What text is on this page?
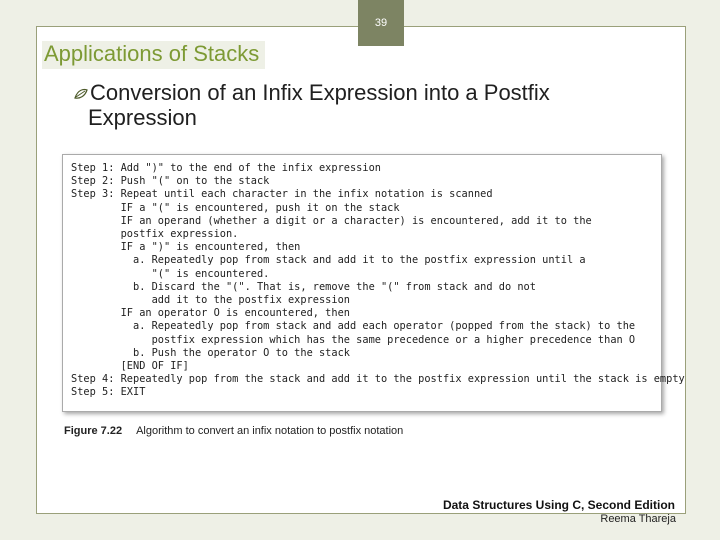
39
Applications of Stacks
Conversion of an Infix Expression into a Postfix
Expression
Step 1: Add ")" to the end of the infix expression
Step 2: Push "(" on to the stack
Step 3: Repeat until each character in the infix notation is scanned
IF a "(" is encountered, push it on the stack
IF an operand (whether a digit or a character) is encountered, add it to the
postfix expression.
IF a ")" is encountered, then
a. Repeatedly pop from stack and add it to the postfix expression until a
"(" is encountered.
b. Discard the "(". That is, remove the "(" from stack and do not
add it to the postfix expression
IF an operator O is encountered, then
a. Repeatedly pop from stack and add each operator (popped from the stack) to the
postfix expression which has the same precedence or a higher precedence than O
b. Push the operator O to the stack
[END OF IF]
Step 4: Repeatedly pop from the stack and add it to the postfix expression until the stack is empty
Step 5: EXIT
Figure 7.22 Algorithm to convert an infix notation to postfix notation
Data Structures Using C, Second Edition
Reema Thareja
